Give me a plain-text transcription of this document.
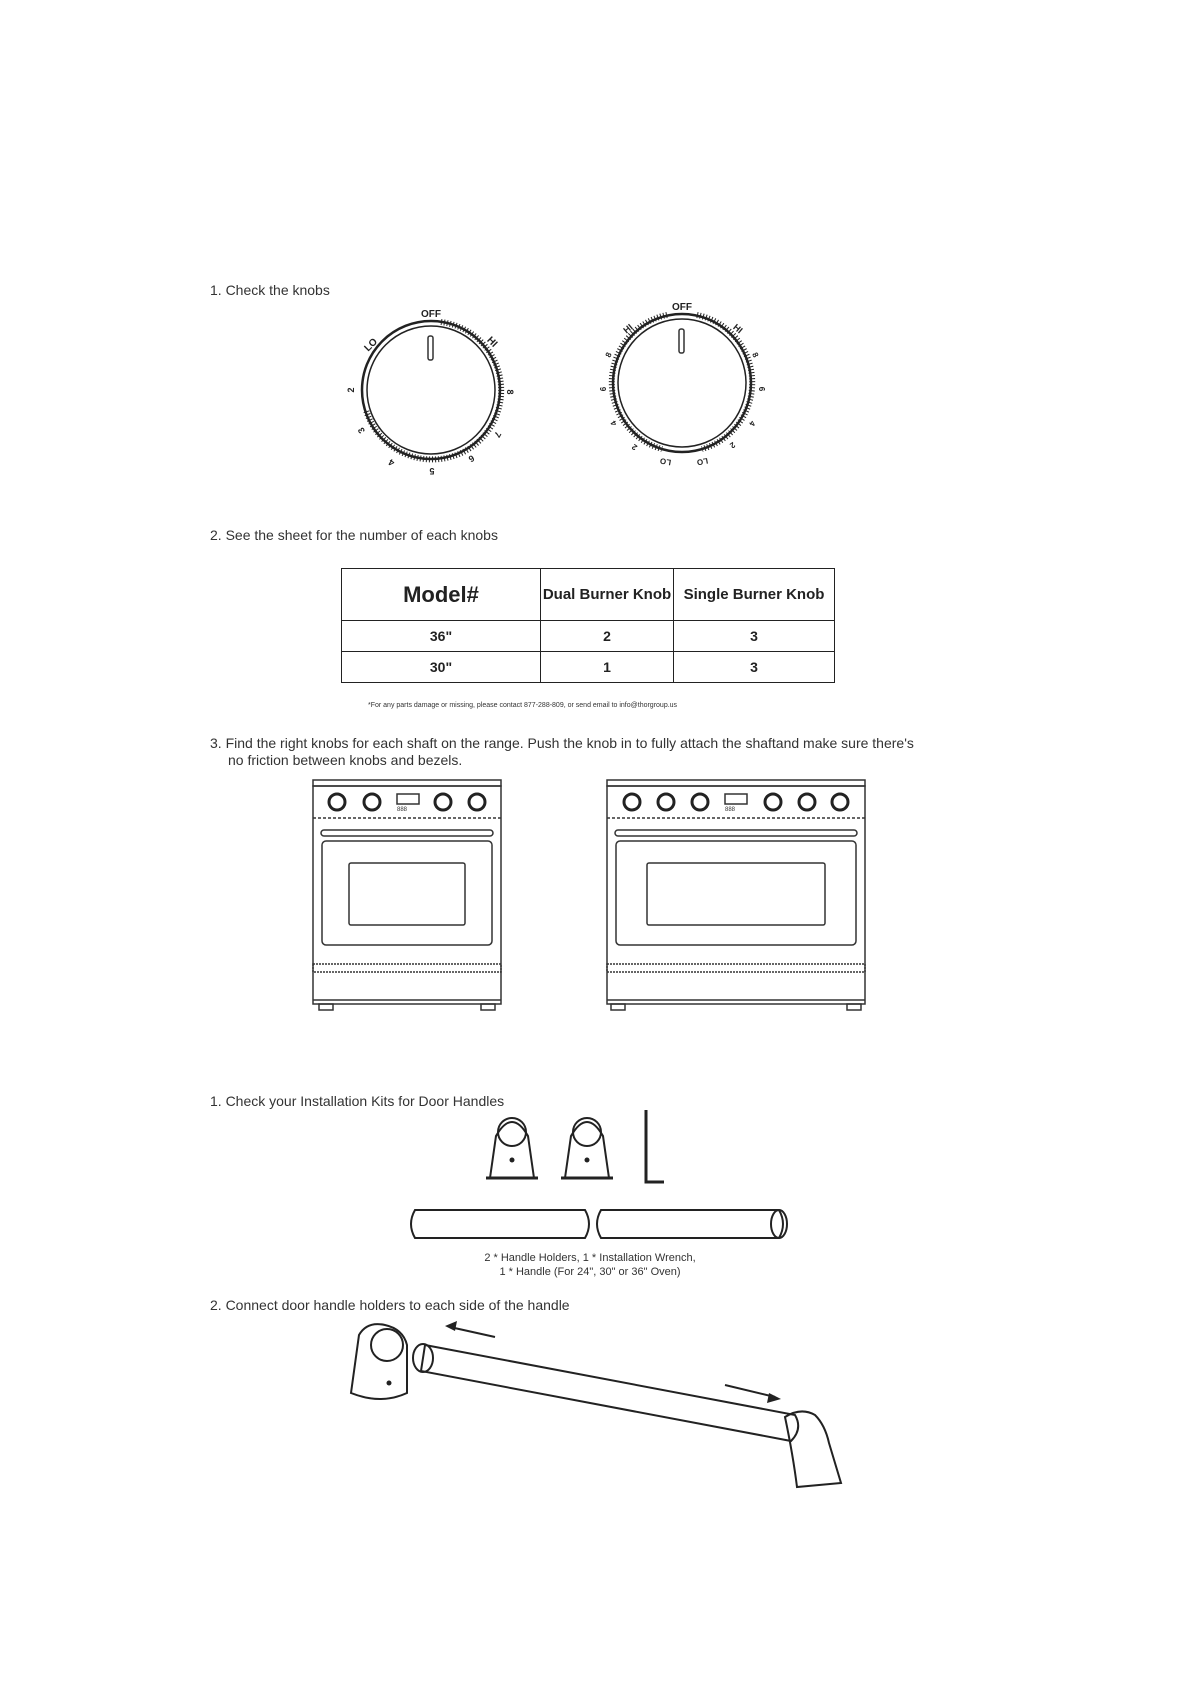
1. Check the knobs
OFF
HI
8
7
6
5
4
3
2
LO
OFF
HI
8
6
4
2
LO
LO
2
4
6
8
HI
2. See the sheet for the number of each knobs
Model#	Dual Burner Knob	Single Burner Knob
36"	2	3
30"	1	3
*For any parts damage or missing, please contact 877-288-809, or send email to info@thorgroup.us
3. Find the right knobs for each shaft on the range. Push the knob in to fully attach the shaftand make sure there's
no friction between knobs and bezels.
888	888
1. Check your Installation Kits for Door Handles
2 * Handle Holders, 1 * Installation Wrench,
1 * Handle (For 24", 30" or 36" Oven)
2. Connect door handle holders to each side of the handle
